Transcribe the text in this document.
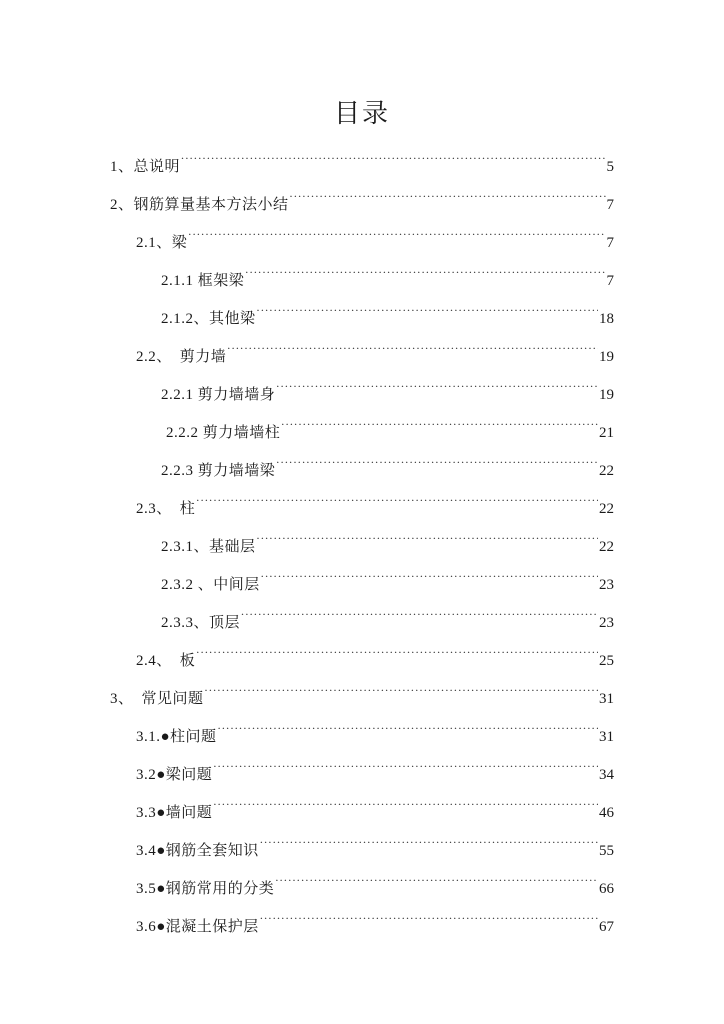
目录
1、总说明 .....	5
2、钢筋算量基本方法小结 .....	7
2.1、梁 .....	7
2.1.1 框架梁 .....	7
2.1.2、其他梁 .....	18
2.2、　剪力墙 .....	19
2.2.1 剪力墙墙身 .....	19
2.2.2 剪力墙墙柱 .....	21
2.2.3 剪力墙墙梁 .....	22
2.3、　柱 .....	22
2.3.1、基础层 .....	22
2.3.2 、中间层 .....	23
2.3.3、顶层 .....	23
2.4、　板 .....	25
3、　常见问题 .....	31
3.1.●柱问题 .....	31
3.2●梁问题 .....	34
3.3●墙问题 .....	46
3.4●钢筋全套知识 .....	55
3.5●钢筋常用的分类 .....	66
3.6●混凝土保护层 .....	67
